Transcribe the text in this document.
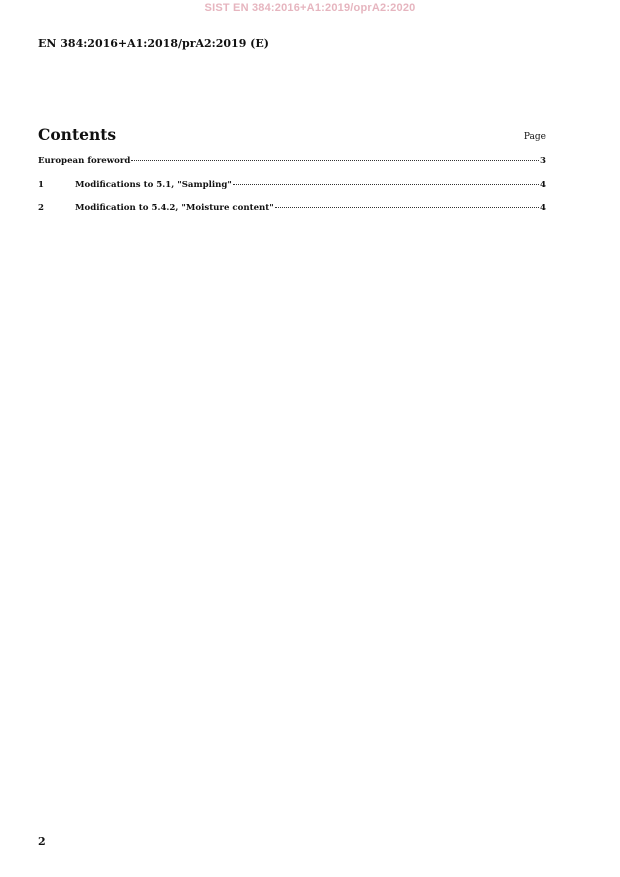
SIST EN 384:2016+A1:2019/oprA2:2020
EN 384:2016+A1:2018/prA2:2019 (E)
Contents	Page
European foreword	3
1	Modifications to 5.1, "Sampling"	4
2	Modification to 5.4.2, "Moisture content"	4
2
